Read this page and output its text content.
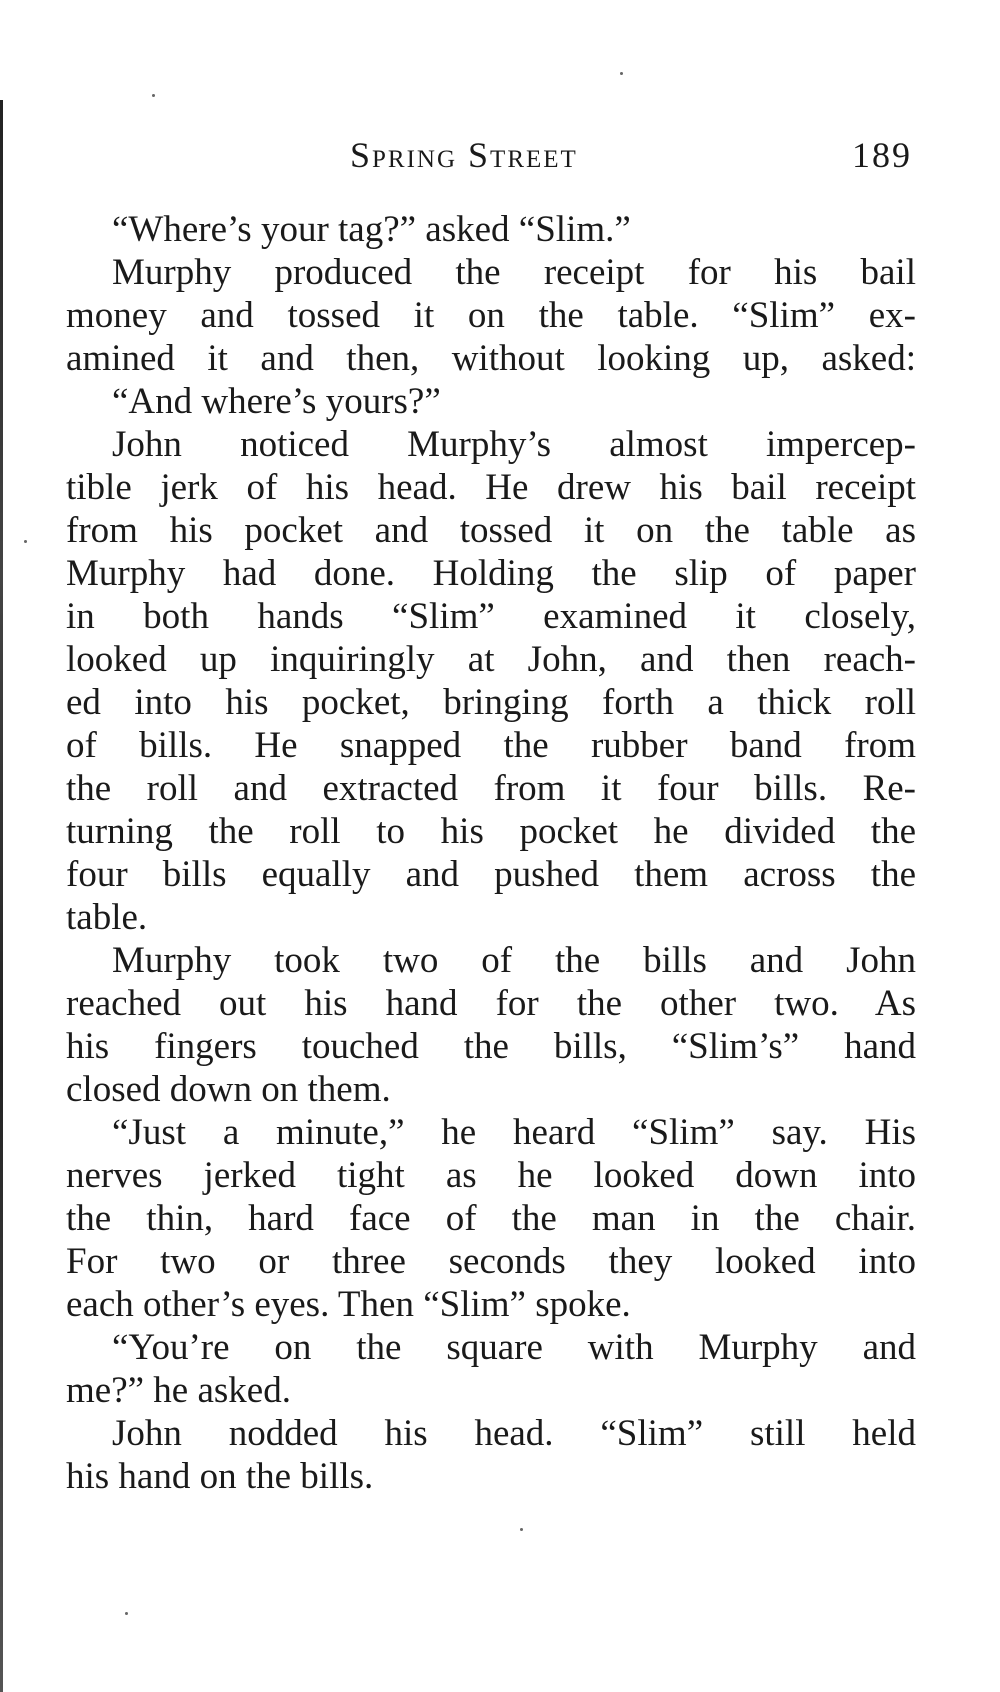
Spring Street	189
“Where’s your tag?” asked “Slim.”
Murphy produced the receipt for his bail
money and tossed it on the table. “Slim” ex-
amined it and then, without looking up, asked:
“And where’s yours?”
John noticed Murphy’s almost impercep-
tible jerk of his head. He drew his bail receipt
from his pocket and tossed it on the table as
Murphy had done. Holding the slip of paper
in both hands “Slim” examined it closely,
looked up inquiringly at John, and then reach-
ed into his pocket, bringing forth a thick roll
of bills. He snapped the rubber band from
the roll and extracted from it four bills. Re-
turning the roll to his pocket he divided the
four bills equally and pushed them across the
table.
Murphy took two of the bills and John
reached out his hand for the other two. As
his fingers touched the bills, “Slim’s” hand
closed down on them.
“Just a minute,” he heard “Slim” say. His
nerves jerked tight as he looked down into
the thin, hard face of the man in the chair.
For two or three seconds they looked into
each other’s eyes. Then “Slim” spoke.
“You’re on the square with Murphy and
me?” he asked.
John nodded his head. “Slim” still held
his hand on the bills.
